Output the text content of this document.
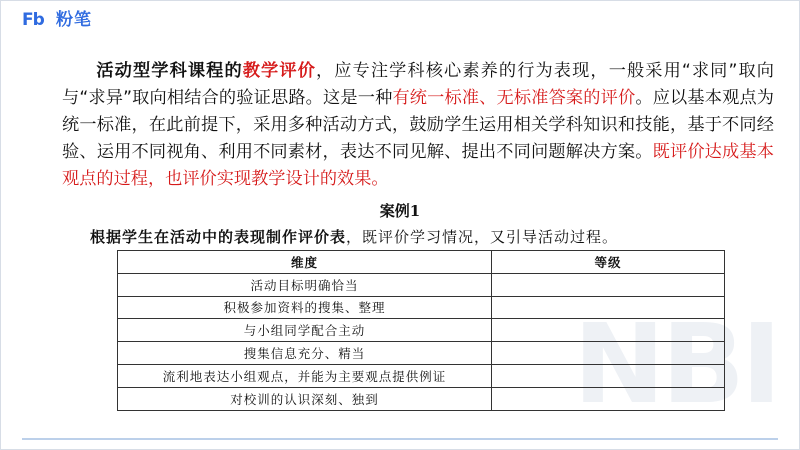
Fb 粉笔
NBI
活动型学科课程的教学评价，应专注学科核心素养的行为表现，一般采用“求同”取向与“求异”取向相结合的验证思路。这是一种有统一标准、无标准答案的评价。应以基本观点为统一标准，在此前提下，采用多种活动方式，鼓励学生运用相关学科知识和技能，基于不同经验、运用不同视角、利用不同素材，表达不同见解、提出不同问题解决方案。既评价达成基本观点的过程，也评价实现教学设计的效果。
案例1
根据学生在活动中的表现制作评价表，既评价学习情况，又引导活动过程。
维度	等级
活动目标明确恰当	
积极参加资料的搜集、整理	
与小组同学配合主动	
搜集信息充分、精当	
流利地表达小组观点，并能为主要观点提供例证	
对校训的认识深刻、独到	
